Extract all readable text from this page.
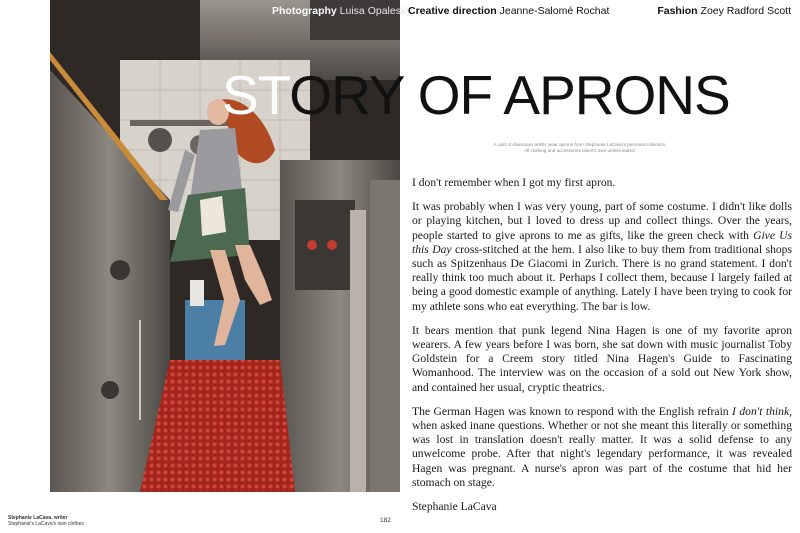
Photography Luisa Opalesky
Creative direction Jeanne-Salomé Rochat	Fashion Zoey Radford Scott
STORY OF APRONS
A cast of downtown artists wear aprons from Stephanie LaCava's personal collection.
All clothing and accessories talent's own unless stated.

I don't remember when I got my first apron.

It was probably when I was very young, part of some costume. I didn't like dolls or playing kitchen, but I loved to dress up and collect things. Over the years, people started to give aprons to me as gifts, like the green check with Give Us this Day cross-stitched at the hem. I also like to buy them from traditional shops such as Spitzenhaus De Giacomi in Zurich. There is no grand statement. I don't really think too much about it. Perhaps I collect them, because I largely failed at being a good domestic example of anything. Lately I have been trying to cook for my athlete sons who eat everything. The bar is low.

It bears mention that punk legend Nina Hagen is one of my favorite apron wearers. A few years before I was born, she sat down with music journalist Toby Goldstein for a Creem story titled Nina Hagen's Guide to Fascinating Womanhood. The interview was on the occasion of a sold out New York show, and contained her usual, cryptic theatrics.

The German Hagen was known to respond with the English refrain I don't think, when asked inane questions. Whether or not she meant this literally or something was lost in translation doesn't really matter. It was a solid defense to any unwelcome probe. After that night's legendary performance, it was revealed Hagen was pregnant. A nurse's apron was part of the costume that hid her stomach on stage.

Stephanie LaCava

Stephanie LaCava, writer
Stephanie's LaCava's own clothes	182
